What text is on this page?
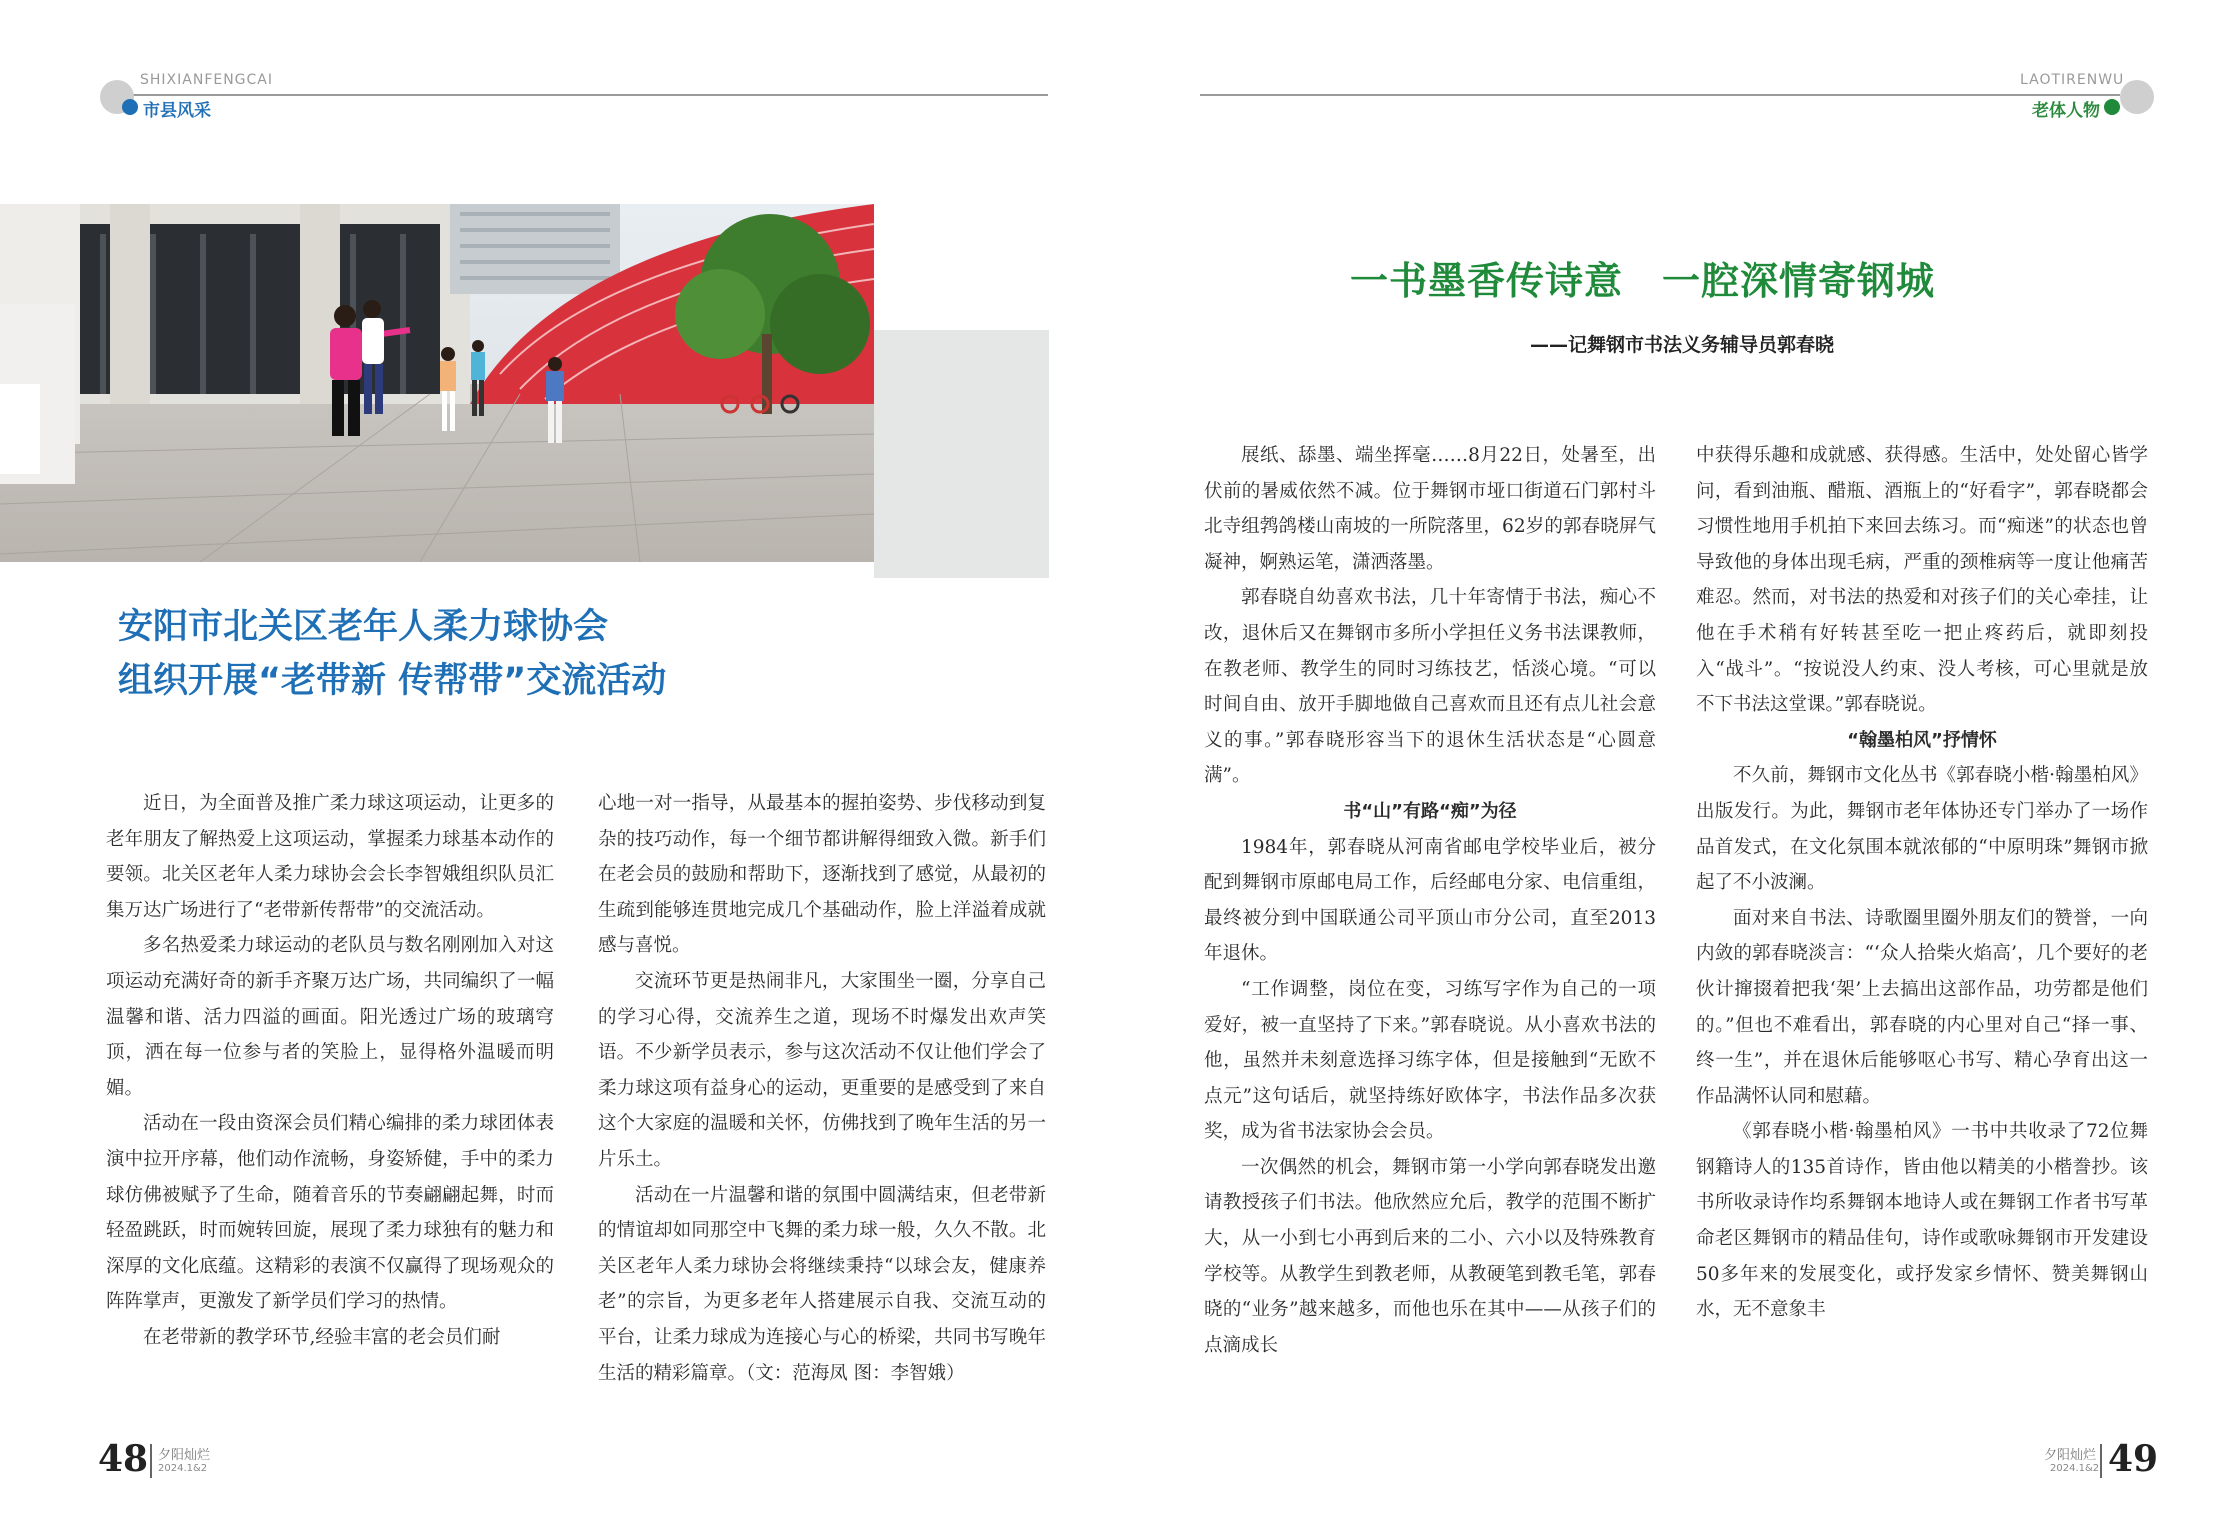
SHIXIANFENGCAI
市县风采
LAOTIRENWU
老体人物
安阳市北关区老年人柔力球协会
组织开展“老带新 传帮带”交流活动

近日，为全面普及推广柔力球这项运动，让更多的老年朋友了解热爱上这项运动，掌握柔力球基本动作的要领。北关区老年人柔力球协会会长李智娥组织队员汇集万达广场进行了“老带新传帮带”的交流活动。

多名热爱柔力球运动的老队员与数名刚刚加入对这项运动充满好奇的新手齐聚万达广场，共同编织了一幅温馨和谐、活力四溢的画面。阳光透过广场的玻璃穹顶，洒在每一位参与者的笑脸上，显得格外温暖而明媚。

活动在一段由资深会员们精心编排的柔力球团体表演中拉开序幕，他们动作流畅，身姿矫健，手中的柔力球仿佛被赋予了生命，随着音乐的节奏翩翩起舞，时而轻盈跳跃，时而婉转回旋，展现了柔力球独有的魅力和深厚的文化底蕴。这精彩的表演不仅赢得了现场观众的阵阵掌声，更激发了新学员们学习的热情。

在老带新的教学环节,经验丰富的老会员们耐

心地一对一指导，从最基本的握拍姿势、步伐移动到复杂的技巧动作，每一个细节都讲解得细致入微。新手们在老会员的鼓励和帮助下，逐渐找到了感觉，从最初的生疏到能够连贯地完成几个基础动作，脸上洋溢着成就感与喜悦。

交流环节更是热闹非凡，大家围坐一圈，分享自己的学习心得，交流养生之道，现场不时爆发出欢声笑语。不少新学员表示，参与这次活动不仅让他们学会了柔力球这项有益身心的运动，更重要的是感受到了来自这个大家庭的温暖和关怀，仿佛找到了晚年生活的另一片乐土。

活动在一片温馨和谐的氛围中圆满结束，但老带新的情谊却如同那空中飞舞的柔力球一般，久久不散。北关区老年人柔力球协会将继续秉持“以球会友，健康养老”的宗旨，为更多老年人搭建展示自我、交流互动的平台，让柔力球成为连接心与心的桥梁，共同书写晚年生活的精彩篇章。（文：范海凤 图：李智娥）

一书墨香传诗意　一腔深情寄钢城
——记舞钢市书法义务辅导员郭春晓

展纸、舔墨、端坐挥毫……8月22日，处暑至，出伏前的暑威依然不减。位于舞钢市垭口街道石门郭村斗北寺组鹁鸽楼山南坡的一所院落里，62岁的郭春晓屏气凝神，婀熟运笔，潇洒落墨。

郭春晓自幼喜欢书法，几十年寄情于书法，痴心不改，退休后又在舞钢市多所小学担任义务书法课教师，在教老师、教学生的同时习练技艺，恬淡心境。“可以时间自由、放开手脚地做自己喜欢而且还有点儿社会意义的事。”郭春晓形容当下的退休生活状态是“心圆意满”。

书“山”有路“痴”为径

1984年，郭春晓从河南省邮电学校毕业后，被分配到舞钢市原邮电局工作，后经邮电分家、电信重组，最终被分到中国联通公司平顶山市分公司，直至2013年退休。

“工作调整，岗位在变，习练写字作为自己的一项爱好，被一直坚持了下来。”郭春晓说。从小喜欢书法的他，虽然并未刻意选择习练字体，但是接触到“无欧不点元”这句话后，就坚持练好欧体字，书法作品多次获奖，成为省书法家协会会员。

一次偶然的机会，舞钢市第一小学向郭春晓发出邀请教授孩子们书法。他欣然应允后，教学的范围不断扩大，从一小到七小再到后来的二小、六小以及特殊教育学校等。从教学生到教老师，从教硬笔到教毛笔，郭春晓的“业务”越来越多，而他也乐在其中——从孩子们的点滴成长

中获得乐趣和成就感、获得感。生活中，处处留心皆学问，看到油瓶、醋瓶、酒瓶上的“好看字”，郭春晓都会习惯性地用手机拍下来回去练习。而“痴迷”的状态也曾导致他的身体出现毛病，严重的颈椎病等一度让他痛苦难忍。然而，对书法的热爱和对孩子们的关心牵挂，让他在手术稍有好转甚至吃一把止疼药后，就即刻投入“战斗”。“按说没人约束、没人考核，可心里就是放不下书法这堂课。”郭春晓说。

“翰墨柏风”抒情怀

不久前，舞钢市文化丛书《郭春晓小楷·翰墨柏风》出版发行。为此，舞钢市老年体协还专门举办了一场作品首发式，在文化氛围本就浓郁的“中原明珠”舞钢市掀起了不小波澜。

面对来自书法、诗歌圈里圈外朋友们的赞誉，一向内敛的郭春晓淡言：“‘众人拾柴火焰高’，几个要好的老伙计撺掇着把我‘架’上去搞出这部作品，功劳都是他们的。”但也不难看出，郭春晓的内心里对自己“择一事、终一生”，并在退休后能够呕心书写、精心孕育出这一作品满怀认同和慰藉。

《郭春晓小楷·翰墨柏风》一书中共收录了72位舞钢籍诗人的135首诗作，皆由他以精美的小楷誊抄。该书所收录诗作均系舞钢本地诗人或在舞钢工作者书写革命老区舞钢市的精品佳句，诗作或歌咏舞钢市开发建设50多年来的发展变化，或抒发家乡情怀、赞美舞钢山水，无不意象丰

48 夕阳灿烂
2024.1&2
夕阳灿烂
2024.1&2 49
